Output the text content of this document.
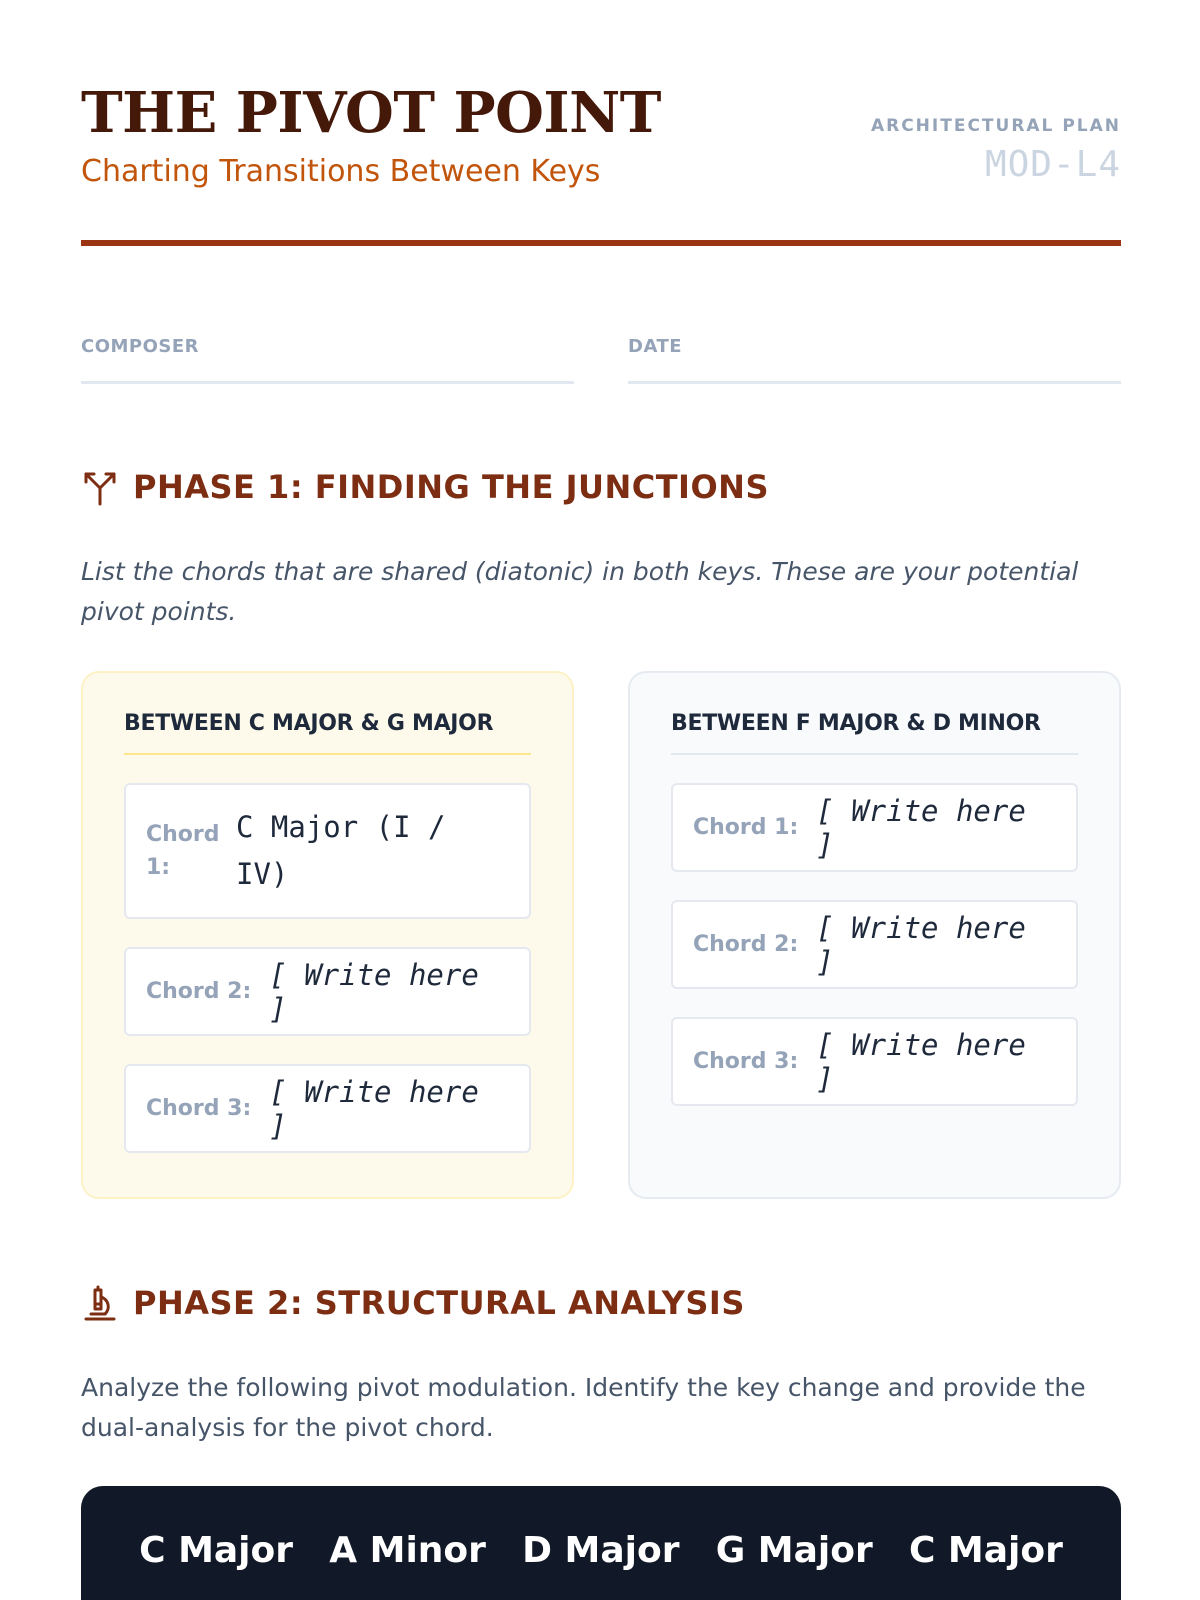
THE PIVOT POINT
Charting Transitions Between Keys
ARCHITECTURAL PLAN
MOD-L4
COMPOSER	DATE
PHASE 1: FINDING THE JUNCTIONS
List the chords that are shared (diatonic) in both keys. These are your potential pivot points.
BETWEEN C MAJOR & G MAJOR
Chord 1:
C Major (I / IV)
Chord 2: [ Write here ]
Chord 3: [ Write here ]
BETWEEN F MAJOR & D MINOR
Chord 1: [ Write here ]
Chord 2: [ Write here ]
Chord 3: [ Write here ]
PHASE 2: STRUCTURAL ANALYSIS
Analyze the following pivot modulation. Identify the key change and provide the dual-analysis for the pivot chord.
C Major A Minor D Major G Major C Major
